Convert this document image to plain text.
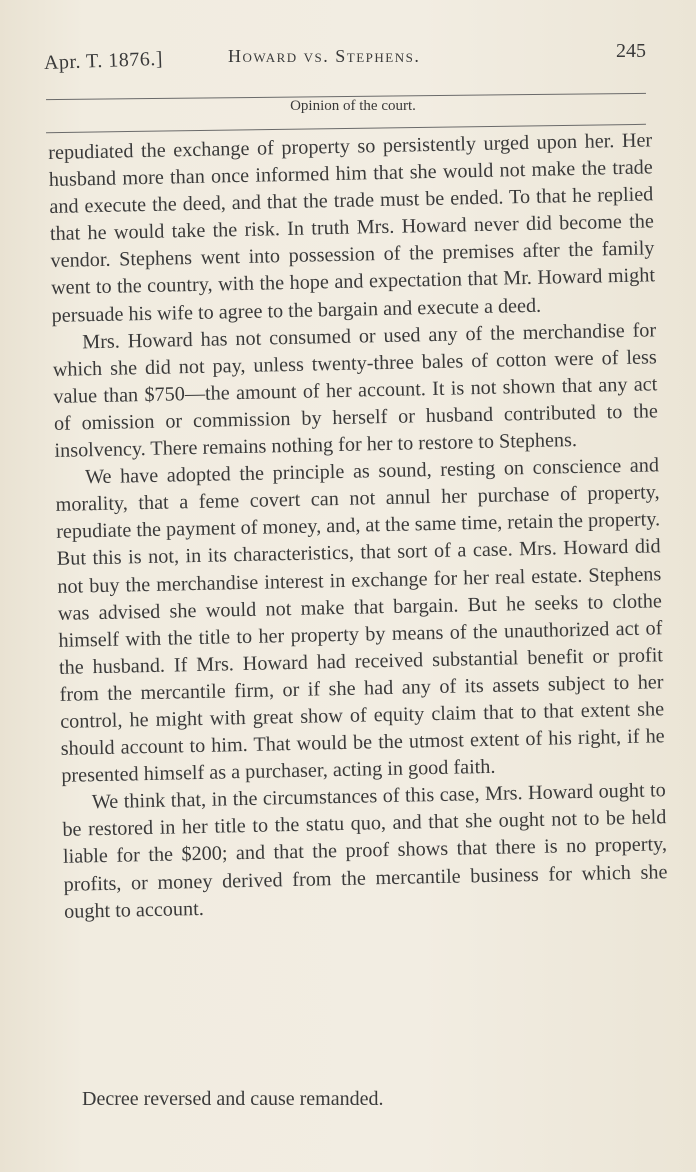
Apr. T. 1876.]	Howard vs. Stephens.	245
Opinion of the court.

repudiated the exchange of property so persistently urged upon her. Her husband more than once informed him that she would not make the trade and execute the deed, and that the trade must be ended. To that he replied that he would take the risk. In truth Mrs. Howard never did become the vendor. Stephens went into possession of the premises after the family went to the country, with the hope and expectation that Mr. Howard might persuade his wife to agree to the bargain and execute a deed.

Mrs. Howard has not consumed or used any of the merchandise for which she did not pay, unless twenty-three bales of cotton were of less value than $750—the amount of her account. It is not shown that any act of omission or commission by herself or husband contributed to the insolvency. There remains nothing for her to restore to Stephens.

We have adopted the principle as sound, resting on conscience and morality, that a feme covert can not annul her purchase of property, repudiate the payment of money, and, at the same time, retain the property. But this is not, in its characteristics, that sort of a case. Mrs. Howard did not buy the merchandise interest in exchange for her real estate. Stephens was advised she would not make that bargain. But he seeks to clothe himself with the title to her property by means of the unauthorized act of the husband. If Mrs. Howard had received substantial benefit or profit from the mercantile firm, or if she had any of its assets subject to her control, he might with great show of equity claim that to that extent she should account to him. That would be the utmost extent of his right, if he presented himself as a purchaser, acting in good faith.

We think that, in the circumstances of this case, Mrs. Howard ought to be restored in her title to the statu quo, and that she ought not to be held liable for the $200; and that the proof shows that there is no property, profits, or money derived from the mercantile business for which she ought to account.

Decree reversed and cause remanded.
